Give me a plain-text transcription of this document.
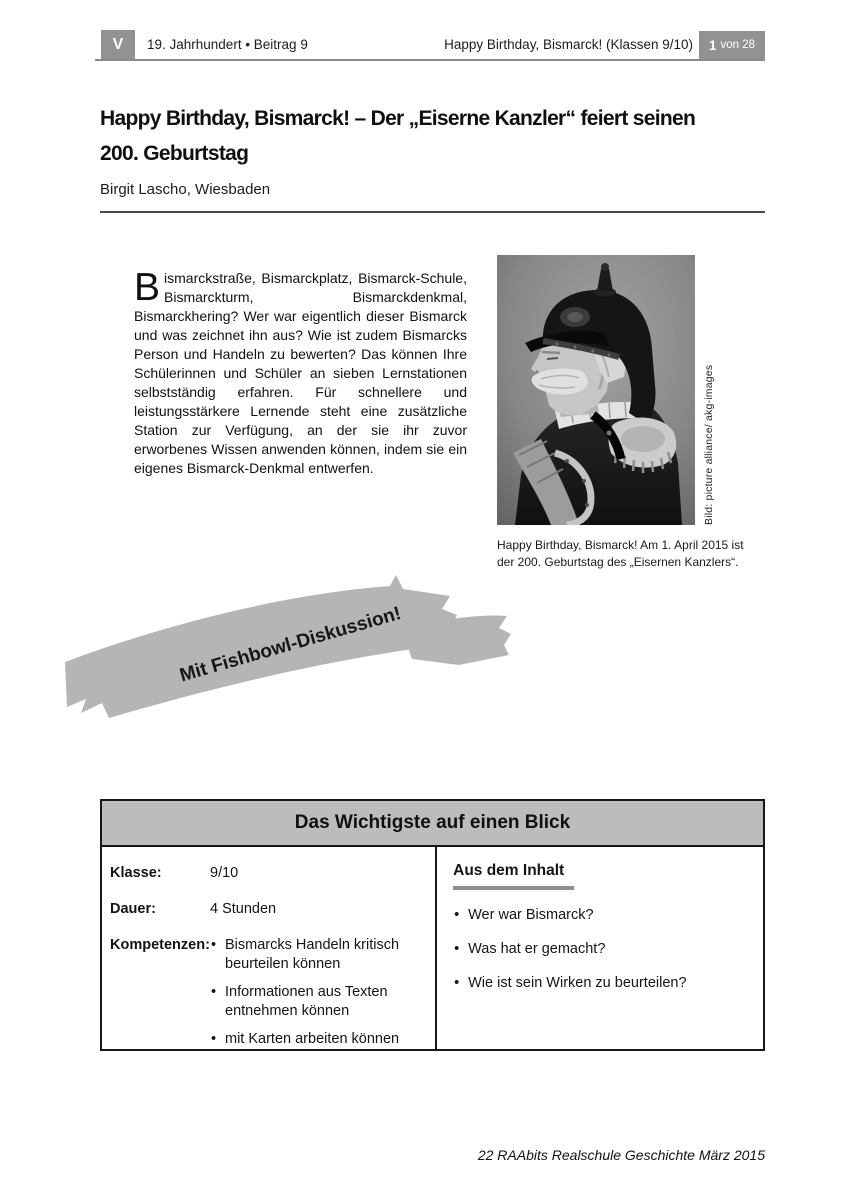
V	19. Jahrhundert • Beitrag 9	Happy Birthday, Bismarck! (Klassen 9/10) 1 von 28
Happy Birthday, Bismarck! – Der „Eiserne Kanzler“ feiert seinen
200. Geburtstag
Birgit Lascho, Wiesbaden

Bismarckstraße, Bismarckplatz, Bismarck-Schule, Bismarckturm, Bismarckdenkmal, Bismarckhering? Wer war eigentlich dieser Bismarck und was zeichnet ihn aus? Wie ist zudem Bismarcks Person und Handeln zu bewerten? Das können Ihre Schülerinnen und Schüler an sieben Lernstationen selbstständig erfahren. Für schnellere und leistungsstärkere Lernende steht eine zusätzliche Station zur Verfügung, an der sie ihr zuvor erworbenes Wissen anwenden können, indem sie ein eigenes Bismarck-Denkmal entwerfen.	Bild: picture alliance/ akg-images
Happy Birthday, Bismarck! Am 1. April 2015 ist der 200. Geburtstag des „Eisernen Kanzlers“.
Mit Fishbowl-Diskussion!
Das Wichtigste auf einen Blick
Klasse:	9/10
Dauer:	4 Stunden
Kompetenzen:	• Bismarcks Handeln kritisch beurteilen können
• Informationen aus Texten entnehmen können
• mit Karten arbeiten können
Aus dem Inhalt
• Wer war Bismarck?
• Was hat er gemacht?
• Wie ist sein Wirken zu beurteilen?
22 RAAbits Realschule Geschichte März 2015
